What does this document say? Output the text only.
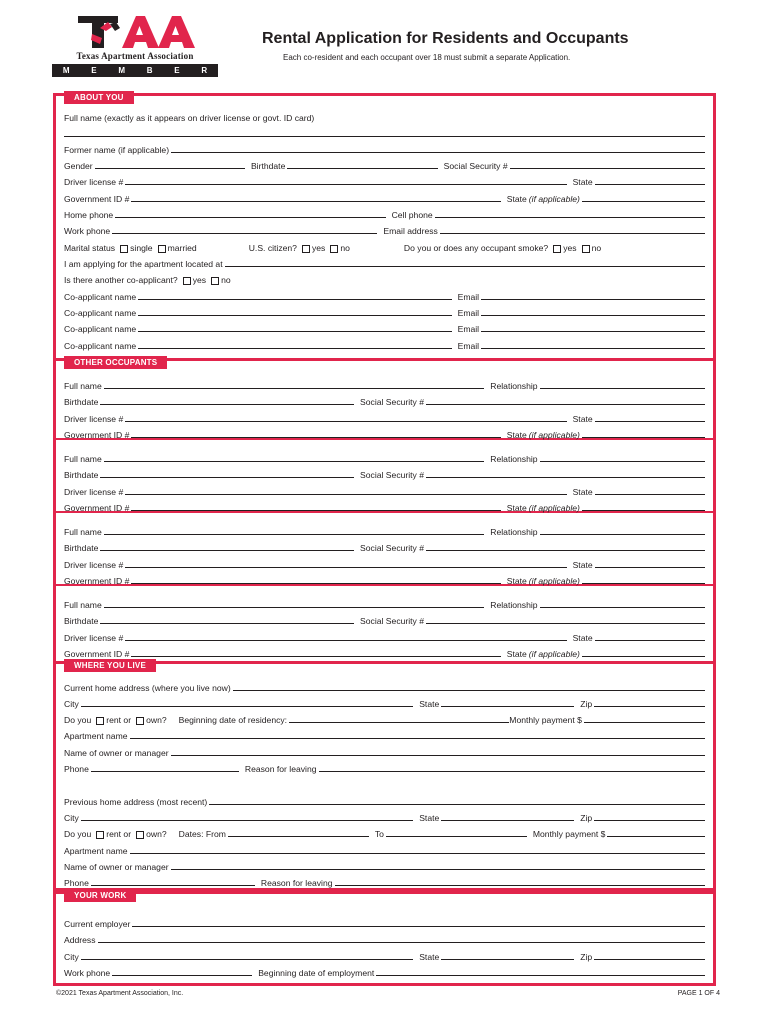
Texas Apartment Association
M	E	M	B	E	R
Rental Application for Residents and Occupants
Each co-resident and each occupant over 18 must submit a separate Application.
ABOUT YOU
Full name (exactly as it appears on driver license or govt. ID card)
Former name (if applicable)
Gender	Birthdate	Social Security #
Driver license #	State
Government ID #	State (if applicable)
Home phone	Cell phone
Work phone	Email address
Marital status single married	U.S. citizen? yes no	Do you or does any occupant smoke? yes no
I am applying for the apartment located at
Is there another co-applicant? yes no
Co-applicant name	Email
Co-applicant name	Email
Co-applicant name	Email
Co-applicant name	Email
OTHER OCCUPANTS
Full name	Relationship
Birthdate	Social Security #
Driver license #	State
Government ID #	State (if applicable)
Full name	Relationship
Birthdate	Social Security #
Driver license #	State
Government ID #	State (if applicable)
Full name	Relationship
Birthdate	Social Security #
Driver license #	State
Government ID #	State (if applicable)
Full name	Relationship
Birthdate	Social Security #
Driver license #	State
Government ID #	State (if applicable)
WHERE YOU LIVE
Current home address (where you live now)
City	State	Zip
Do you rent or own? Beginning date of residency:	Monthly payment $
Apartment name
Name of owner or manager
Phone	Reason for leaving
Previous home address (most recent)
City	State	Zip
Do you rent or own? Dates: From	To	Monthly payment $
Apartment name
Name of owner or manager
Phone	Reason for leaving
YOUR WORK
Current employer
Address
City	State	Zip
Work phone	Beginning date of employment
©2021 Texas Apartment Association, Inc.	PAGE 1 OF 4
